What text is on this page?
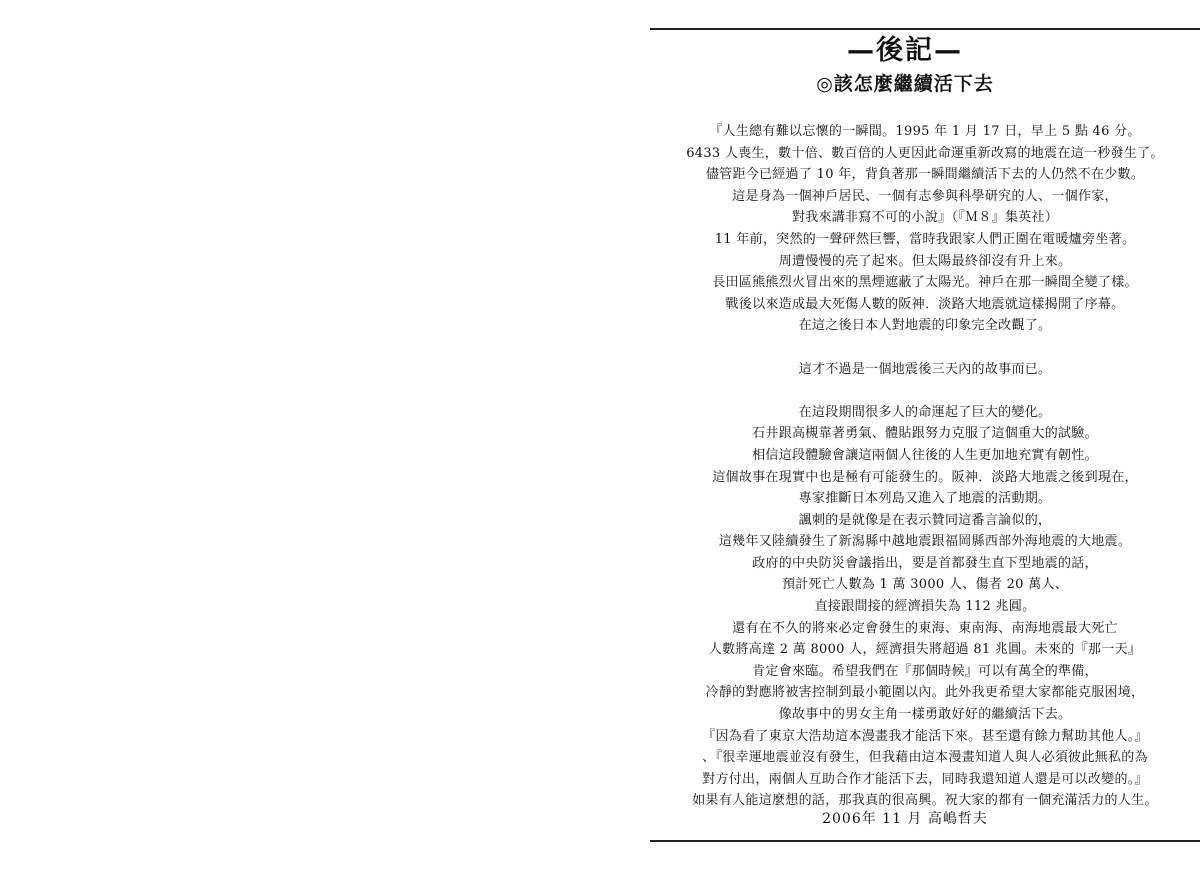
—後記—
◎該怎麼繼續活下去
『人生總有難以忘懷的一瞬間。1995 年 1 月 17 日，早上 5 點 46 分。
6433 人喪生，數十倍、數百倍的人更因此命運重新改寫的地震在這一秒發生了。
儘管距今已經過了 10 年，背負著那一瞬間繼續活下去的人仍然不在少數。
這是身為一個神戶居民、一個有志參與科學研究的人、一個作家，
對我來講非寫不可的小說』（『Ｍ８』集英社）
11 年前，突然的一聲砰然巨響，當時我跟家人們正圍在電暖爐旁坐著。
周遭慢慢的亮了起來。但太陽最終卻沒有升上來。
長田區熊熊烈火冒出來的黑煙遮蔽了太陽光。神戶在那一瞬間全變了樣。
戰後以來造成最大死傷人數的阪神．淡路大地震就這樣揭開了序幕。
在這之後日本人對地震的印象完全改觀了。
這才不過是一個地震後三天內的故事而已。
在這段期間很多人的命運起了巨大的變化。
石井跟高槻靠著勇氣、體貼跟努力克服了這個重大的試驗。
相信這段體驗會讓這兩個人往後的人生更加地充實有韌性。
這個故事在現實中也是極有可能發生的。阪神．淡路大地震之後到現在，
專家推斷日本列島又進入了地震的活動期。
諷刺的是就像是在表示贊同這番言論似的，
這幾年又陸續發生了新潟縣中越地震跟福岡縣西部外海地震的大地震。
政府的中央防災會議指出，要是首都發生直下型地震的話，
預計死亡人數為 1 萬 3000 人、傷者 20 萬人、
直接跟間接的經濟損失為 112 兆圓。
還有在不久的將來必定會發生的東海、東南海、南海地震最大死亡
人數將高達 2 萬 8000 人，經濟損失將超過 81 兆圓。未來的『那一天』
肯定會來臨。希望我們在『那個時候』可以有萬全的準備，
冷靜的對應將被害控制到最小範圍以內。此外我更希望大家都能克服困境，
像故事中的男女主角一樣勇敢好好的繼續活下去。
『因為看了東京大浩劫這本漫畫我才能活下來。甚至還有餘力幫助其他人。』
、『很幸運地震並沒有發生，但我藉由這本漫畫知道人與人必須彼此無私的為
對方付出，兩個人互助合作才能活下去，同時我還知道人還是可以改變的。』
如果有人能這麼想的話，那我真的很高興。祝大家的都有一個充滿活力的人生。
2006年 11 月 高嶋哲夫
